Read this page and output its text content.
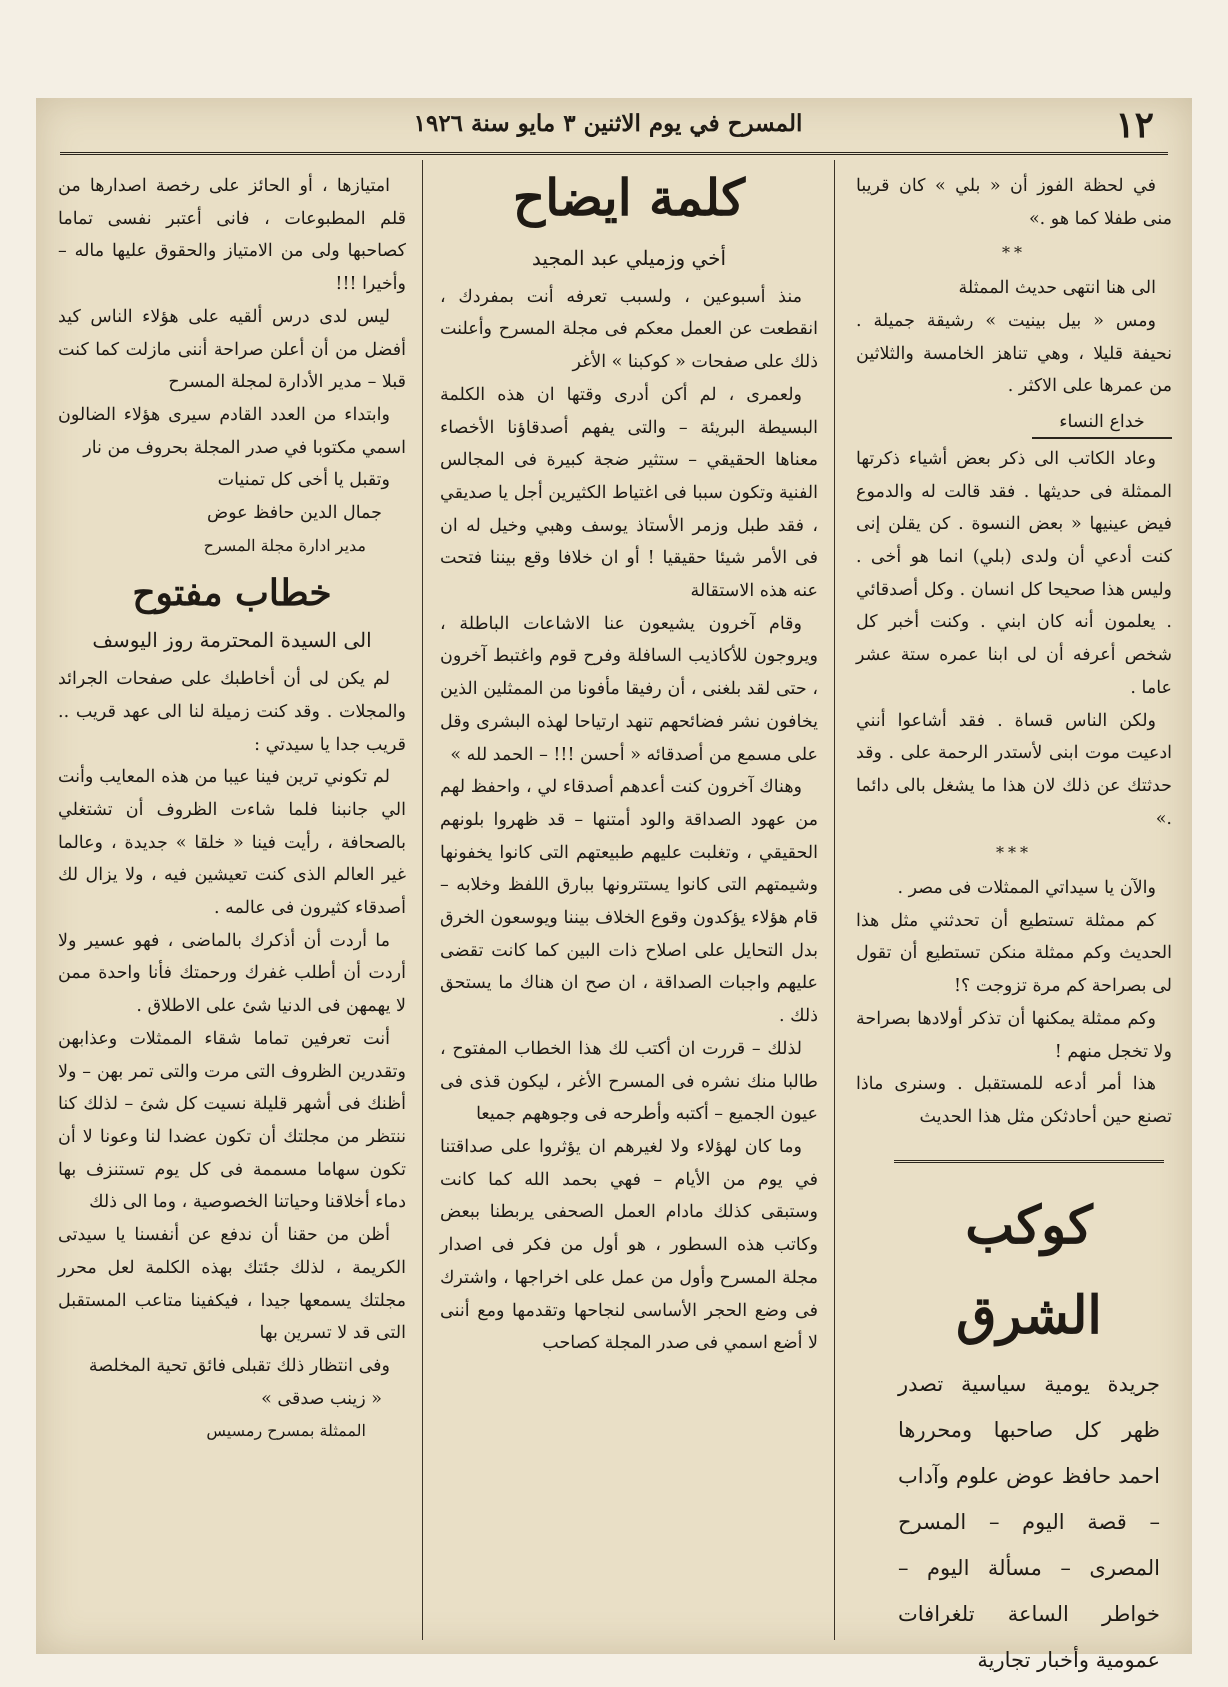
١٢
المسرح في يوم الاثنين ٣ مايو سنة ١٩٢٦

في لحظة الفوز أن « بلي » كان قريبا منى طفلا كما هو .»

**

الى هنا انتهى حديث الممثلة

ومس « بيل بينيت » رشيقة جميلة . نحيفة قليلا ، وهي تناهز الخامسة والثلاثين من عمرها على الاكثر .

خداع النساء

وعاد الكاتب الى ذكر بعض أشياء ذكرتها الممثلة فى حديثها . فقد قالت له والدموع فيض عينيها « بعض النسوة . كن يقلن إنى كنت أدعي أن ولدى (بلي) انما هو أخى . وليس هذا صحيحا كل انسان . وكل أصدقائي . يعلمون أنه كان ابني . وكنت أخبر كل شخص أعرفه أن لى ابنا عمره ستة عشر عاما .

ولكن الناس قساة . فقد أشاعوا أنني ادعيت موت ابنى لأستدر الرحمة على . وقد حدثتك عن ذلك لان هذا ما يشغل بالى دائما .»

***

والآن يا سيداتي الممثلات فى مصر .

كم ممثلة تستطيع أن تحدثني مثل هذا الحديث وكم ممثلة منكن تستطيع أن تقول لى بصراحة كم مرة تزوجت ؟!

وكم ممثلة يمكنها أن تذكر أولادها بصراحة ولا تخجل منهم !

هذا أمر أدعه للمستقبل . وسنرى ماذا تصنع حين أحادثكن مثل هذا الحديث

كوكب الشرق
جريدة يومية سياسية تصدر ظهر كل صاحبها ومحررها احمد حافظ عوض علوم وآداب – قصة اليوم – المسرح المصرى – مسألة اليوم – خواطر الساعة تلغرافات عمومية وأخبار تجارية
كلمة ايضاح
أخي وزميلي عبد المجيد

منذ أسبوعين ، ولسبب تعرفه أنت بمفردك ، انقطعت عن العمل معكم فى مجلة المسرح وأعلنت ذلك على صفحات « كوكبنا » الأغر

ولعمرى ، لم أكن أدرى وقتها ان هذه الكلمة البسيطة البريئة – والتى يفهم أصدقاؤنا الأخصاء معناها الحقيقي – ستثير ضجة كبيرة فى المجالس الفنية وتكون سببا فى اغتياط الكثيرين أجل يا صديقي ، فقد طبل وزمر الأستاذ يوسف وهبي وخيل له ان فى الأمر شيئا حقيقيا ! أو ان خلافا وقع بيننا فتحت عنه هذه الاستقالة

وقام آخرون يشيعون عنا الاشاعات الباطلة ، ويروجون للأكاذيب السافلة وفرح قوم واغتبط آخرون ، حتى لقد بلغنى ، أن رفيقا مأفونا من الممثلين الذين يخافون نشر فضائحهم تنهد ارتياحا لهذه البشرى وقل على مسمع من أصدقائه « أحسن !!! – الحمد لله »

وهناك آخرون كنت أعدهم أصدقاء لي ، واحفظ لهم من عهود الصداقة والود أمتنها – قد ظهروا بلونهم الحقيقي ، وتغلبت عليهم طبيعتهم التى كانوا يخفونها وشيمتهم التى كانوا يستترونها ببارق اللفظ وخلابه – قام هؤلاء يؤكدون وقوع الخلاف بيننا ويوسعون الخرق بدل التحايل على اصلاح ذات البين كما كانت تقضى عليهم واجبات الصداقة ، ان صح ان هناك ما يستحق ذلك .

لذلك – قررت ان أكتب لك هذا الخطاب المفتوح ، طالبا منك نشره فى المسرح الأغر ، ليكون قذى فى عيون الجميع – أكتبه وأطرحه فى وجوههم جميعا

وما كان لهؤلاء ولا لغيرهم ان يؤثروا على صداقتنا في يوم من الأيام – فهي بحمد الله كما كانت وستبقى كذلك مادام العمل الصحفى يربطنا ببعض وكاتب هذه السطور ، هو أول من فكر فى اصدار مجلة المسرح وأول من عمل على اخراجها ، واشترك فى وضع الحجر الأساسى لنجاحها وتقدمها ومع أننى لا أضع اسمي فى صدر المجلة كصاحب

امتيازها ، أو الحائز على رخصة اصدارها من قلم المطبوعات ، فانى أعتبر نفسى تماما كصاحبها ولى من الامتياز والحقوق عليها ماله – وأخيرا !!!

ليس لدى درس ألقيه على هؤلاء الناس كيد أفضل من أن أعلن صراحة أننى مازلت كما كنت قبلا – مدير الأدارة لمجلة المسرح

وابتداء من العدد القادم سيرى هؤلاء الضالون اسمي مكتوبا في صدر المجلة بحروف من نار

وتقبل يا أخى كل تمنيات

جمال الدين حافظ عوض
مدير ادارة مجلة المسرح
خطاب مفتوح
الى السيدة المحترمة روز اليوسف

لم يكن لى أن أخاطبك على صفحات الجرائد والمجلات . وقد كنت زميلة لنا الى عهد قريب .. قريب جدا يا سيدتي :

لم تكوني ترين فينا عيبا من هذه المعايب وأنت الي جانبنا فلما شاءت الظروف أن تشتغلي بالصحافة ، رأيت فينا « خلقا » جديدة ، وعالما غير العالم الذى كنت تعيشين فيه ، ولا يزال لك أصدقاء كثيرون فى عالمه .

ما أردت أن أذكرك بالماضى ، فهو عسير ولا أردت أن أطلب غفرك ورحمتك فأنا واحدة ممن لا يهمهن فى الدنيا شئ على الاطلاق .

أنت تعرفين تماما شقاء الممثلات وعذابهن وتقدرين الظروف التى مرت والتى تمر بهن – ولا أظنك فى أشهر قليلة نسيت كل شئ – لذلك كنا ننتظر من مجلتك أن تكون عضدا لنا وعونا لا أن تكون سهاما مسممة فى كل يوم تستنزف بها دماء أخلاقنا وحياتنا الخصوصية ، وما الى ذلك

أظن من حقنا أن ندفع عن أنفسنا يا سيدتى الكريمة ، لذلك جئتك بهذه الكلمة لعل محرر مجلتك يسمعها جيدا ، فيكفينا متاعب المستقبل التى قد لا تسرين بها

وفى انتظار ذلك تقبلى فائق تحية المخلصة

« زينب صدقى »
الممثلة بمسرح رمسيس
